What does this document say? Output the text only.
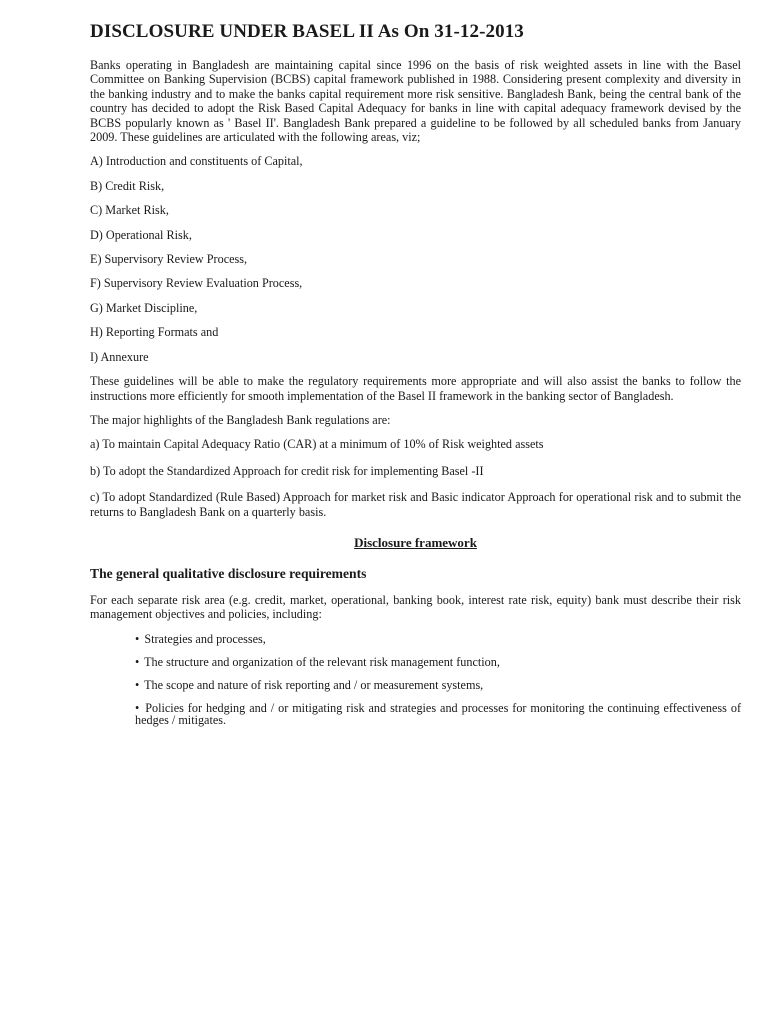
DISCLOSURE UNDER BASEL II As On 31-12-2013

Banks operating in Bangladesh are maintaining capital since 1996 on the basis of risk weighted assets in line with the Basel Committee on Banking Supervision (BCBS) capital framework published in 1988. Considering present complexity and diversity in the banking industry and to make the banks capital requirement more risk sensitive. Bangladesh Bank, being the central bank of the country has decided to adopt the Risk Based Capital Adequacy for banks in line with capital adequacy framework devised by the BCBS popularly known as ' Basel II'. Bangladesh Bank prepared a guideline to be followed by all scheduled banks from January 2009. These guidelines are articulated with the following areas, viz;

A) Introduction and constituents of Capital,
B) Credit Risk,
C) Market Risk,
D) Operational Risk,
E) Supervisory Review Process,
F) Supervisory Review Evaluation Process,
G) Market Discipline,
H) Reporting Formats and
I) Annexure

These guidelines will be able to make the regulatory requirements more appropriate and will also assist the banks to follow the instructions more efficiently for smooth implementation of the Basel II framework in the banking sector of Bangladesh.

The major highlights of the Bangladesh Bank regulations are:

a) To maintain Capital Adequacy Ratio (CAR) at a minimum of 10% of Risk weighted assets

b) To adopt the Standardized Approach for credit risk for implementing Basel -II

c) To adopt Standardized (Rule Based) Approach for market risk and Basic indicator Approach for operational risk and to submit the returns to Bangladesh Bank on a quarterly basis.

Disclosure framework
The general qualitative disclosure requirements

For each separate risk area (e.g. credit, market, operational, banking book, interest rate risk, equity) bank must describe their risk management objectives and policies, including:

• Strategies and processes,
• The structure and organization of the relevant risk management function,
• The scope and nature of risk reporting and / or measurement systems,
• Policies for hedging and / or mitigating risk and strategies and processes for monitoring the continuing effectiveness of hedges / mitigates.
